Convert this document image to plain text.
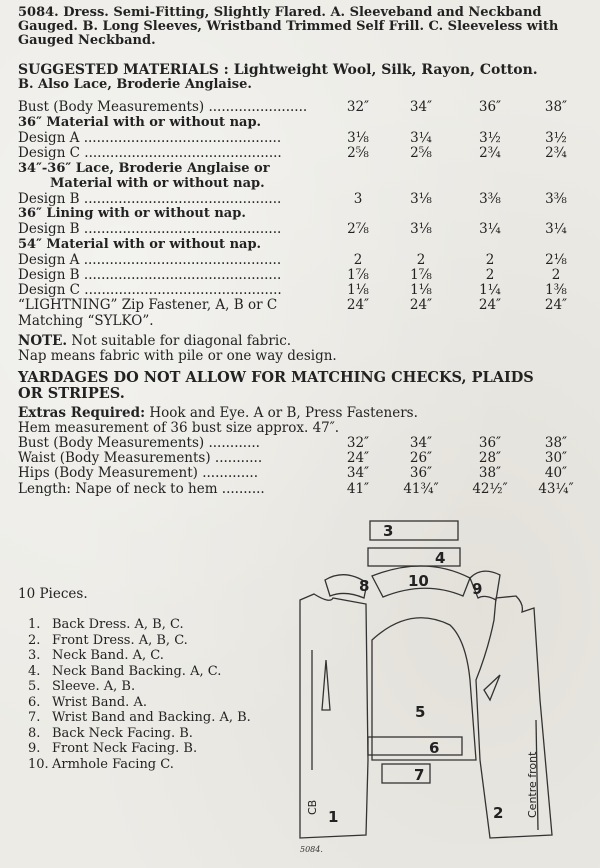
5084. Dress. Semi-Fitting, Slightly Flared. A. Sleeveband and Neckband
Gauged. B. Long Sleeves, Wristband Trimmed Self Frill. C. Sleeveless with
Gauged Neckband.
SUGGESTED MATERIALS : Lightweight Wool, Silk, Rayon, Cotton.
B. Also Lace, Broderie Anglaise.
Bust (Body Measurements) .......................	32″	34″	36″	38″
36″ Material with or without nap.
Design A ..............................................	3⅛	3¼	3½	3½
Design C ..............................................	2⅝	2⅝	2¾	2¾
34″-36″ Lace, Broderie Anglaise or
Material with or without nap.
Design B ..............................................	3	3⅛	3⅜	3⅜
36″ Lining with or without nap.
Design B ..............................................	2⅞	3⅛	3¼	3¼
54″ Material with or without nap.
Design A ..............................................	2	2	2	2⅛
Design B ..............................................	1⅞	1⅞	2	2
Design C ..............................................	1⅛	1⅛	1¼	1⅜
“LIGHTNING” Zip Fastener, A, B or C	24″	24″	24″	24″
Matching “SYLKO”.
NOTE. Not suitable for diagonal fabric.
Nap means fabric with pile or one way design.
YARDAGES DO NOT ALLOW FOR MATCHING CHECKS, PLAIDS
OR STRIPES.
Extras Required: Hook and Eye. A or B, Press Fasteners.
Hem measurement of 36 bust size approx. 47″.
Bust (Body Measurements) ............	32″	34″	36″	38″
Waist (Body Measurements) ...........	24″	26″	28″	30″
Hips (Body Measurement) .............	34″	36″	38″	40″
Length: Nape of neck to hem ..........	41″	41¾″	42½″	43¼″
10 Pieces.
1. Back Dress. A, B, C.
2. Front Dress. A, B, C.
3. Neck Band. A, C.
4. Neck Band Backing. A, C.
5. Sleeve. A, B.
6. Wrist Band. A.
7. Wrist Band and Backing. A, B.
8. Back Neck Facing. B.
9. Front Neck Facing. B.
10. Armhole Facing C.
3
4
8	10	9
5
6
7
1	2
CB	Centre front
5084.
